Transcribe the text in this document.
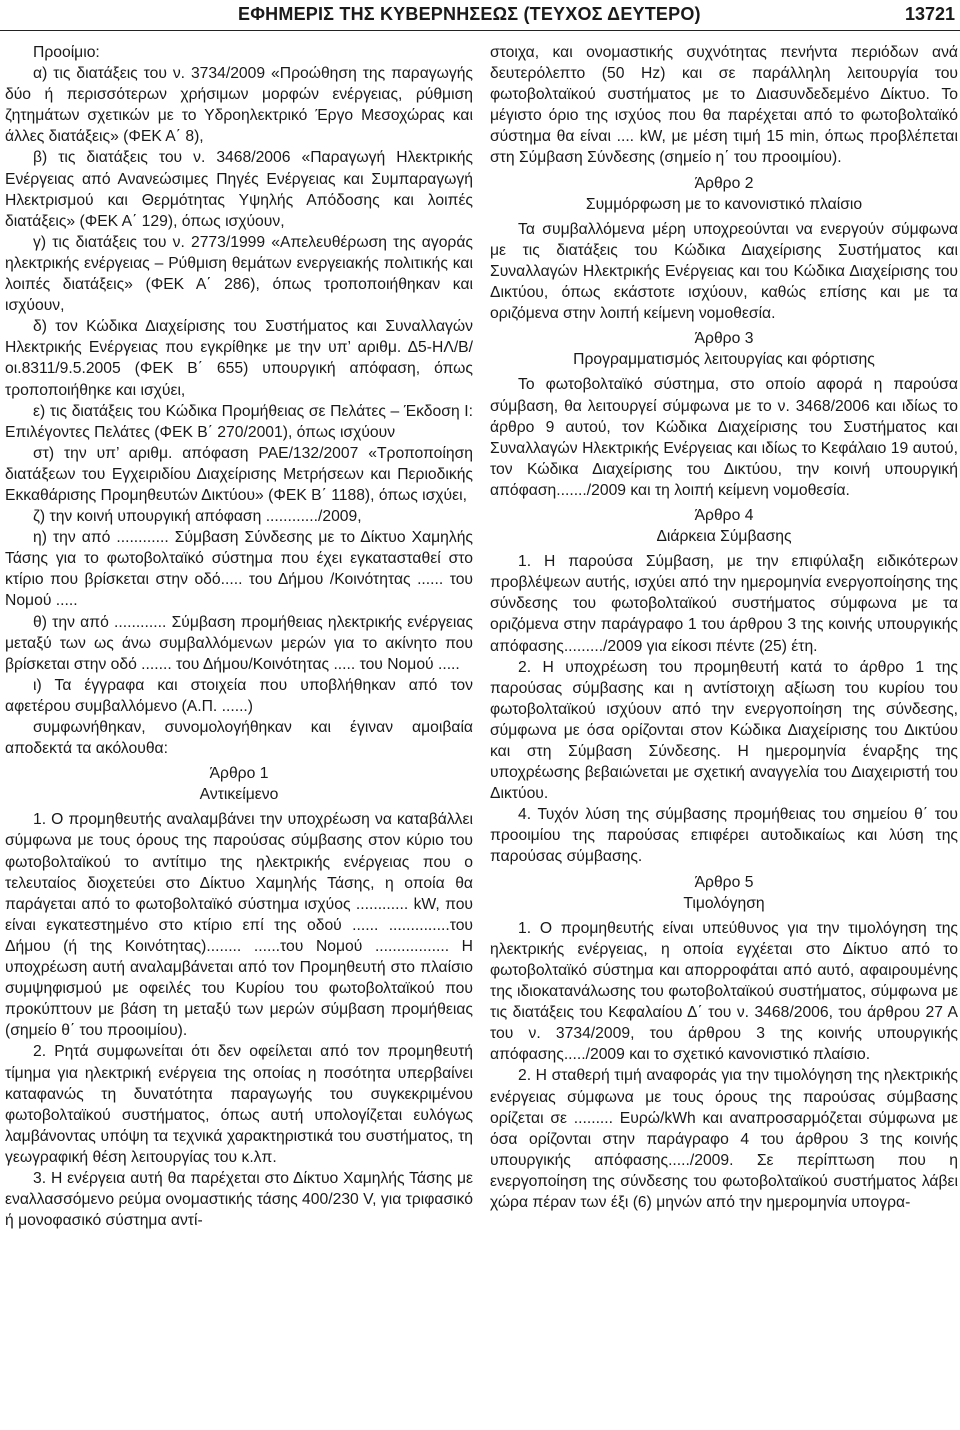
ΕΦΗΜΕΡΙΣ ΤΗΣ ΚΥΒΕΡΝΗΣΕΩΣ (ΤΕΥΧΟΣ ΔΕΥΤΕΡΟ)	13721

Προοίμιο:

α) τις διατάξεις του ν. 3734/2009 «Προώθηση της παραγωγής δύο ή περισσότερων χρήσιμων μορφών ενέργειας, ρύθμιση ζητημάτων σχετικών με το Υδροηλεκτρικό Έργο Μεσοχώρας και άλλες διατάξεις» (ΦΕΚ Α΄ 8),

β) τις διατάξεις του ν. 3468/2006 «Παραγωγή Ηλεκτρικής Ενέργειας από Ανανεώσιμες Πηγές Ενέργειας και Συμπαραγωγή Ηλεκτρισμού και Θερμότητας Υψηλής Απόδοσης και λοιπές διατάξεις» (ΦΕΚ Α΄ 129), όπως ισχύουν,

γ) τις διατάξεις του ν. 2773/1999 «Απελευθέρωση της αγοράς ηλεκτρικής ενέργειας – Ρύθμιση θεμάτων ενεργειακής πολιτικής και λοιπές διατάξεις» (ΦΕΚ Α΄ 286), όπως τροποποιήθηκαν και ισχύουν,

δ) τον Κώδικα Διαχείρισης του Συστήματος και Συναλλαγών Ηλεκτρικής Ενέργειας που εγκρίθηκε με την υπ’ αριθμ. Δ5-ΗΛ/Β/οι.8311/9.5.2005 (ΦΕΚ Β΄ 655) υπουργική απόφαση, όπως τροποποιήθηκε και ισχύει,

ε) τις διατάξεις του Κώδικα Προμήθειας σε Πελάτες – Έκδοση Ι: Επιλέγοντες Πελάτες (ΦΕΚ Β΄ 270/2001), όπως ισχύουν

στ) την υπ’ αριθμ. απόφαση ΡΑΕ/132/2007 «Τροποποίηση διατάξεων του Εγχειριδίου Διαχείρισης Μετρήσεων και Περιοδικής Εκκαθάρισης Προμηθευτών Δικτύου» (ΦΕΚ Β΄ 1188), όπως ισχύει,

ζ) την κοινή υπουργική απόφαση ............/2009,

η) την από ............ Σύμβαση Σύνδεσης με το Δίκτυο Χαμηλής Τάσης για το φωτοβολταϊκό σύστημα που έχει εγκατασταθεί στο κτίριο που βρίσκεται στην οδό..... του Δήμου /Κοινότητας ...... του Νομού .....

θ) την από ............ Σύμβαση προμήθειας ηλεκτρικής ενέργειας μεταξύ των ως άνω συμβαλλόμενων μερών για το ακίνητο που βρίσκεται στην οδό ....... του Δήμου/Κοινότητας ..... του Νομού .....

ι) Τα έγγραφα και στοιχεία που υποβλήθηκαν από τον αφετέρου συμβαλλόμενο (Α.Π. ......)

συμφωνήθηκαν, συνομολογήθηκαν και έγιναν αμοιβαία αποδεκτά τα ακόλουθα:

Άρθρο 1

Αντικείμενο

1. Ο προμηθευτής αναλαμβάνει την υποχρέωση να καταβάλλει σύμφωνα με τους όρους της παρούσας σύμβασης στον κύριο του φωτοβολταϊκού το αντίτιμο της ηλεκτρικής ενέργειας που ο τελευταίος διοχετεύει στο Δίκτυο Χαμηλής Τάσης, η οποία θα παράγεται από το φωτοβολταϊκό σύστημα ισχύος ............ kW, που είναι εγκατεστημένο στο κτίριο επί της οδού ...... ..............του Δήμου (ή της Κοινότητας)........ ......του Νομού ................. Η υποχρέωση αυτή αναλαμβάνεται από τον Προμηθευτή στο πλαίσιο συμψηφισμού με οφειλές του Κυρίου του φωτοβολταϊκού που προκύπτουν με βάση τη μεταξύ των μερών σύμβαση προμήθειας (σημείο θ΄ του προοιμίου).

2. Ρητά συμφωνείται ότι δεν οφείλεται από τον προμηθευτή τίμημα για ηλεκτρική ενέργεια της οποίας η ποσότητα υπερβαίνει καταφανώς τη δυνατότητα παραγωγής του συγκεκριμένου φωτοβολταϊκού συστήματος, όπως αυτή υπολογίζεται ευλόγως λαμβάνοντας υπόψη τα τεχνικά χαρακτηριστικά του συστήματος, τη γεωγραφική θέση λειτουργίας του κ.λπ.

3. Η ενέργεια αυτή θα παρέχεται στο Δίκτυο Χαμηλής Τάσης με εναλλασσόμενο ρεύμα ονομαστικής τάσης 400/230 V, για τριφασικό ή μονοφασικό σύστημα αντί-

στοιχα, και ονομαστικής συχνότητας πενήντα περιόδων ανά δευτερόλεπτο (50 Hz) και σε παράλληλη λειτουργία του φωτοβολταϊκού συστήματος με το Διασυνδεδεμένο Δίκτυο. Το μέγιστο όριο της ισχύος που θα παρέχεται από το φωτοβολταϊκό σύστημα θα είναι .... kW, με μέση τιμή 15 min, όπως προβλέπεται στη Σύμβαση Σύνδεσης (σημείο η΄ του προοιμίου).

Άρθρο 2

Συμμόρφωση με το κανονιστικό πλαίσιο

Τα συμβαλλόμενα μέρη υποχρεούνται να ενεργούν σύμφωνα με τις διατάξεις του Κώδικα Διαχείρισης Συστήματος και Συναλλαγών Ηλεκτρικής Ενέργειας και του Κώδικα Διαχείρισης του Δικτύου, όπως εκάστοτε ισχύουν, καθώς επίσης και με τα οριζόμενα στην λοιπή κείμενη νομοθεσία.

Άρθρο 3

Προγραμματισμός λειτουργίας και φόρτισης

Το φωτοβολταϊκό σύστημα, στο οποίο αφορά η παρούσα σύμβαση, θα λειτουργεί σύμφωνα με το ν. 3468/2006 και ιδίως το άρθρο 9 αυτού, τον Κώδικα Διαχείρισης του Συστήματος και Συναλλαγών Ηλεκτρικής Ενέργειας και ιδίως το Κεφάλαιο 19 αυτού, τον Κώδικα Διαχείρισης του Δικτύου, την κοινή υπουργική απόφαση......./2009 και τη λοιπή κείμενη νομοθεσία.

Άρθρο 4

Διάρκεια Σύμβασης

1. Η παρούσα Σύμβαση, με την επιφύλαξη ειδικότερων προβλέψεων αυτής, ισχύει από την ημερομηνία ενεργοποίησης της σύνδεσης του φωτοβολταϊκού συστήματος σύμφωνα με τα οριζόμενα στην παράγραφο 1 του άρθρου 3 της κοινής υπουργικής απόφασης........./2009 για είκοσι πέντε (25) έτη.

2. Η υποχρέωση του προμηθευτή κατά το άρθρο 1 της παρούσας σύμβασης και η αντίστοιχη αξίωση του κυρίου του φωτοβολταϊκού ισχύουν από την ενεργοποίηση της σύνδεσης, σύμφωνα με όσα ορίζονται στον Κώδικα Διαχείρισης του Δικτύου και στη Σύμβαση Σύνδεσης. Η ημερομηνία έναρξης της υποχρέωσης βεβαιώνεται με σχετική αναγγελία του Διαχειριστή του Δικτύου.

4. Τυχόν λύση της σύμβασης προμήθειας του σημείου θ΄ του προοιμίου της παρούσας επιφέρει αυτοδικαίως και λύση της παρούσας σύμβασης.

Άρθρο 5

Τιμολόγηση

1. Ο προμηθευτής είναι υπεύθυνος για την τιμολόγηση της ηλεκτρικής ενέργειας, η οποία εγχέεται στο Δίκτυο από το φωτοβολταϊκό σύστημα και απορροφάται από αυτό, αφαιρουμένης της ιδιοκατανάλωσης του φωτοβολταϊκού συστήματος, σύμφωνα με τις διατάξεις του Κεφαλαίου Δ΄ του ν. 3468/2006, του άρθρου 27 Α του ν. 3734/2009, του άρθρου 3 της κοινής υπουργικής απόφασης...../2009 και το σχετικό κανονιστικό πλαίσιο.

2. Η σταθερή τιμή αναφοράς για την τιμολόγηση της ηλεκτρικής ενέργειας σύμφωνα με τους όρους της παρούσας σύμβασης ορίζεται σε ......... Ευρώ/kWh και αναπροσαρμόζεται σύμφωνα με όσα ορίζονται στην παράγραφο 4 του άρθρου 3 της κοινής υπουργικής απόφασης...../2009. Σε περίπτωση που η ενεργοποίηση της σύνδεσης του φωτοβολταϊκού συστήματος λάβει χώρα πέραν των έξι (6) μηνών από την ημερομηνία υπογρα-
